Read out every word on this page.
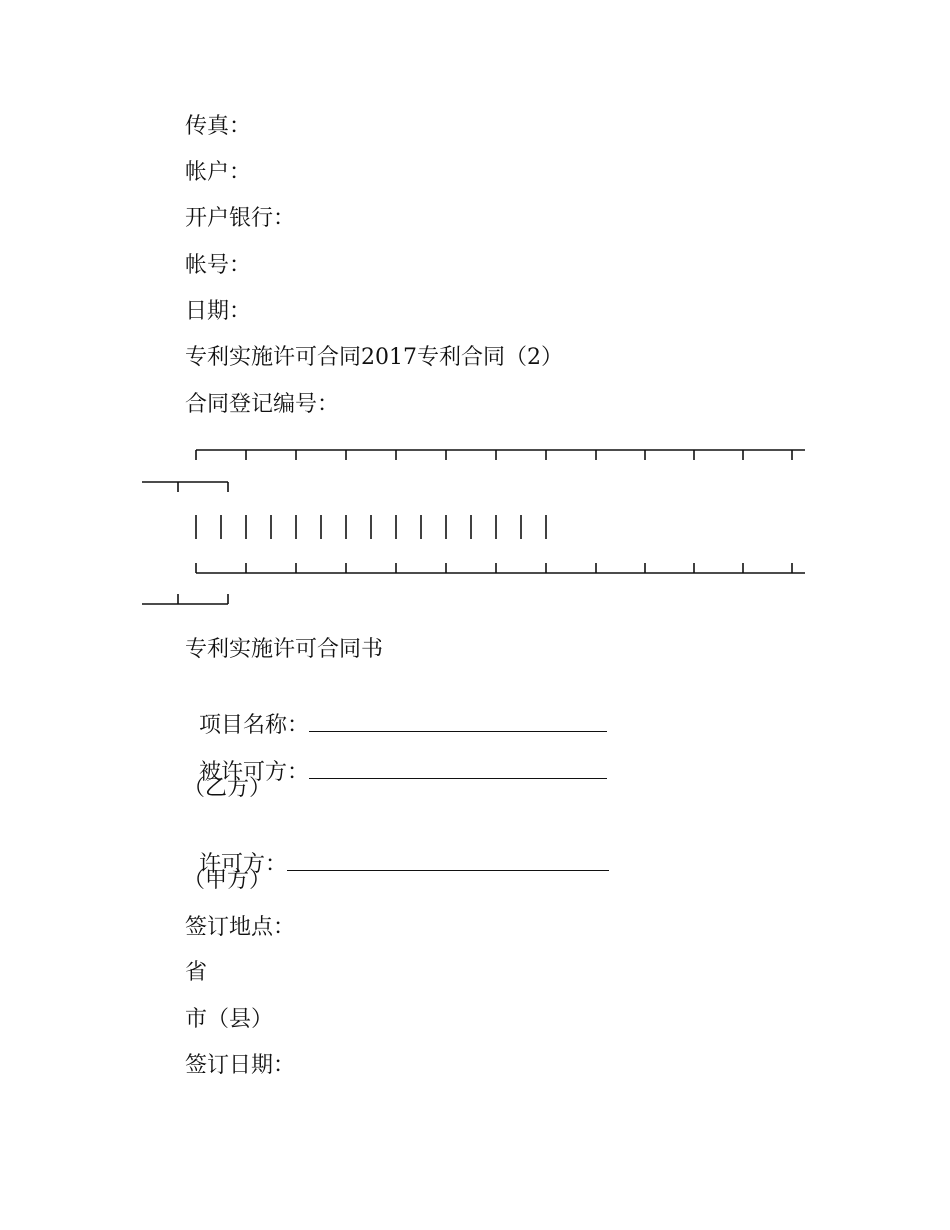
传真：
帐户：
开户银行：
帐号：
日期：
专利实施许可合同2017专利合同（2）
合同登记编号：
专利实施许可合同书

项目名称：

被许可方：

（乙方）

许可方：

（甲方）
签订地点：
省
市（县）
签订日期：
